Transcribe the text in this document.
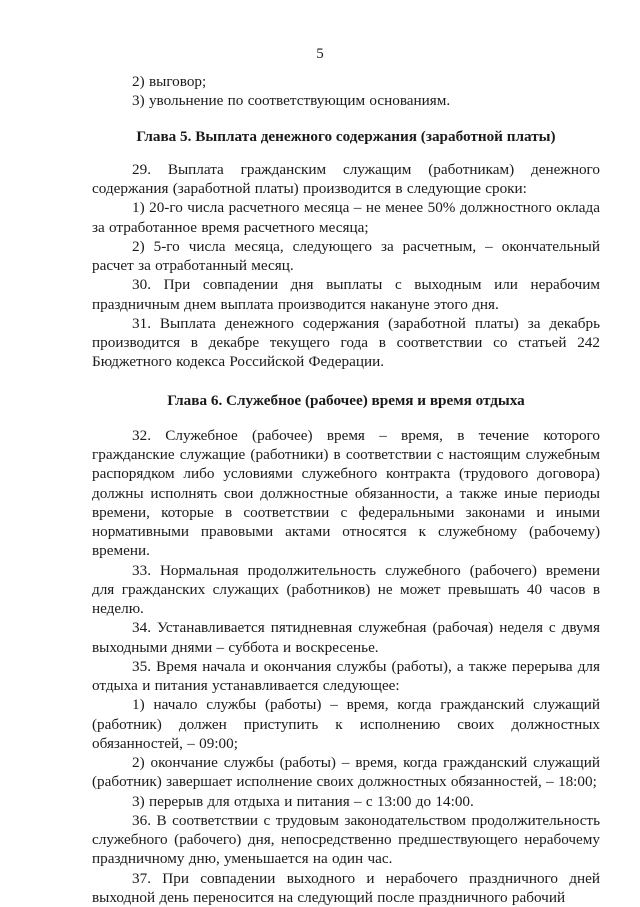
5
2) выговор;
3) увольнение по соответствующим основаниям.
Глава 5. Выплата денежного содержания (заработной платы)
29. Выплата гражданским служащим (работникам) денежного содержания (заработной платы) производится в следующие сроки:
1) 20-го числа расчетного месяца – не менее 50% должностного оклада за отработанное время расчетного месяца;
2) 5-го числа месяца, следующего за расчетным, – окончательный расчет за отработанный месяц.
30. При совпадении дня выплаты с выходным или нерабочим праздничным днем выплата производится накануне этого дня.
31. Выплата денежного содержания (заработной платы) за декабрь производится в декабре текущего года в соответствии со статьей 242 Бюджетного кодекса Российской Федерации.
Глава 6. Служебное (рабочее) время и время отдыха
32. Служебное (рабочее) время – время, в течение которого гражданские служащие (работники) в соответствии с настоящим служебным распорядком либо условиями служебного контракта (трудового договора) должны исполнять свои должностные обязанности, а также иные периоды времени, которые в соответствии с федеральными законами и иными нормативными правовыми актами относятся к служебному (рабочему) времени.
33. Нормальная продолжительность служебного (рабочего) времени для гражданских служащих (работников) не может превышать 40 часов в неделю.
34. Устанавливается пятидневная служебная (рабочая) неделя с двумя выходными днями – суббота и воскресенье.
35. Время начала и окончания службы (работы), а также перерыва для отдыха и питания устанавливается следующее:
1) начало службы (работы) – время, когда гражданский служащий (работник) должен приступить к исполнению своих должностных обязанностей, – 09:00;
2) окончание службы (работы) – время, когда гражданский служащий (работник) завершает исполнение своих должностных обязанностей, – 18:00;
3) перерыв для отдыха и питания – с 13:00 до 14:00.
36. В соответствии с трудовым законодательством продолжительность служебного (рабочего) дня, непосредственно предшествующего нерабочему праздничному дню, уменьшается на один час.
37. При совпадении выходного и нерабочего праздничного дней выходной день переносится на следующий после праздничного рабочий
